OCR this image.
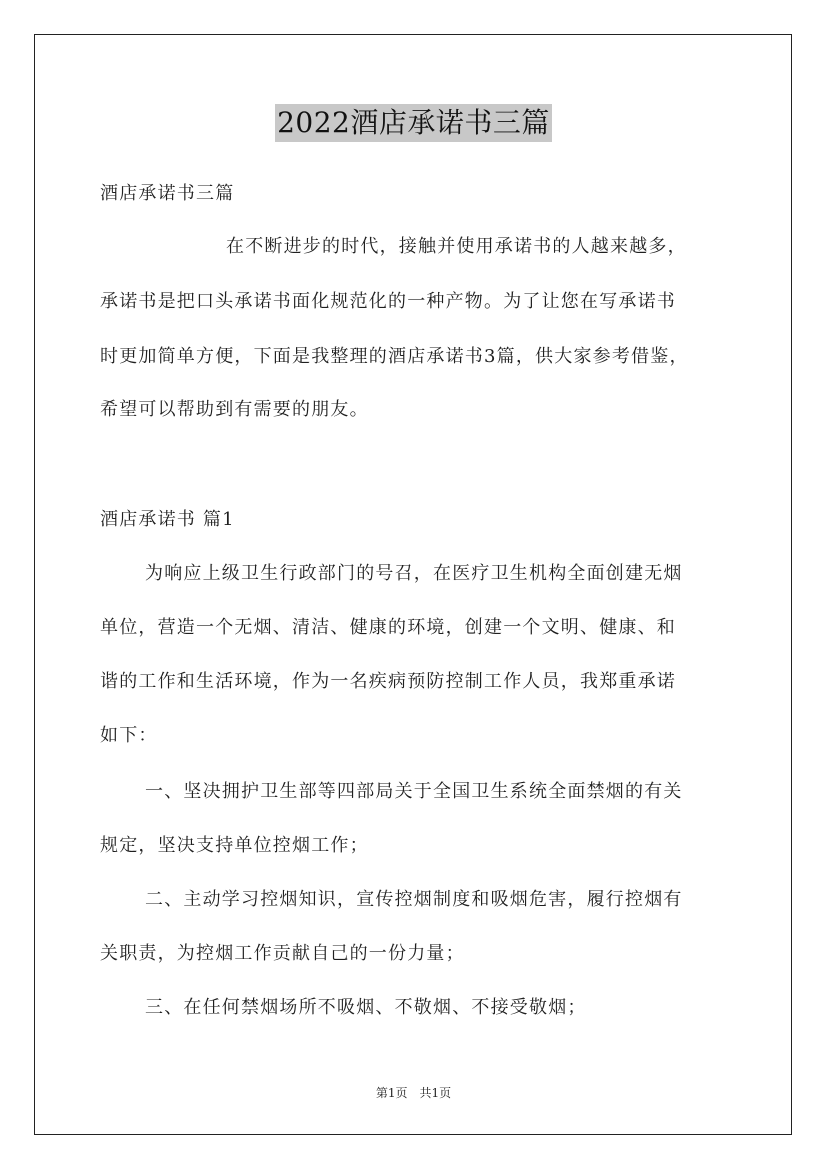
2022酒店承诺书三篇
酒店承诺书三篇
在不断进步的时代，接触并使用承诺书的人越来越多，
承诺书是把口头承诺书面化规范化的一种产物。为了让您在写承诺书
时更加简单方便，下面是我整理的酒店承诺书3篇，供大家参考借鉴，
希望可以帮助到有需要的朋友。
酒店承诺书 篇1
为响应上级卫生行政部门的号召，在医疗卫生机构全面创建无烟
单位，营造一个无烟、清洁、健康的环境，创建一个文明、健康、和
谐的工作和生活环境，作为一名疾病预防控制工作人员，我郑重承诺
如下：
一、坚决拥护卫生部等四部局关于全国卫生系统全面禁烟的有关
规定，坚决支持单位控烟工作；
二、主动学习控烟知识，宣传控烟制度和吸烟危害，履行控烟有
关职责，为控烟工作贡献自己的一份力量；
三、在任何禁烟场所不吸烟、不敬烟、不接受敬烟；
第1页　共1页
